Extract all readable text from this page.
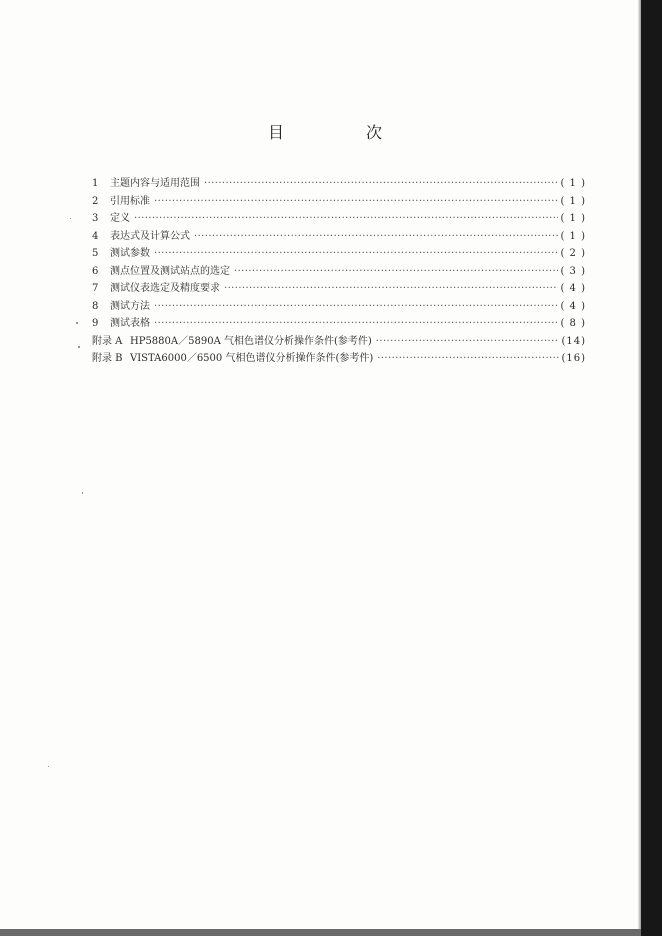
目　次
1	主题内容与适用范围 ·····	( 1 )
2	引用标准 ·····	( 1 )
3	定义 ·····	( 1 )
4	表达式及计算公式 ·····	( 1 )
5	测试参数 ·····	( 2 )
6	测点位置及测试站点的选定 ·····	( 3 )
7	测试仪表选定及精度要求 ·····	( 4 )
8	测试方法 ·····	( 4 )
9	测试表格 ·····	( 8 )
附录 A HP5880A／5890A 气相色谱仪分析操作条件(参考件) ·····	(14)
附录 B VISTA6000／6500 气相色谱仪分析操作条件(参考件) ·····	(16)
